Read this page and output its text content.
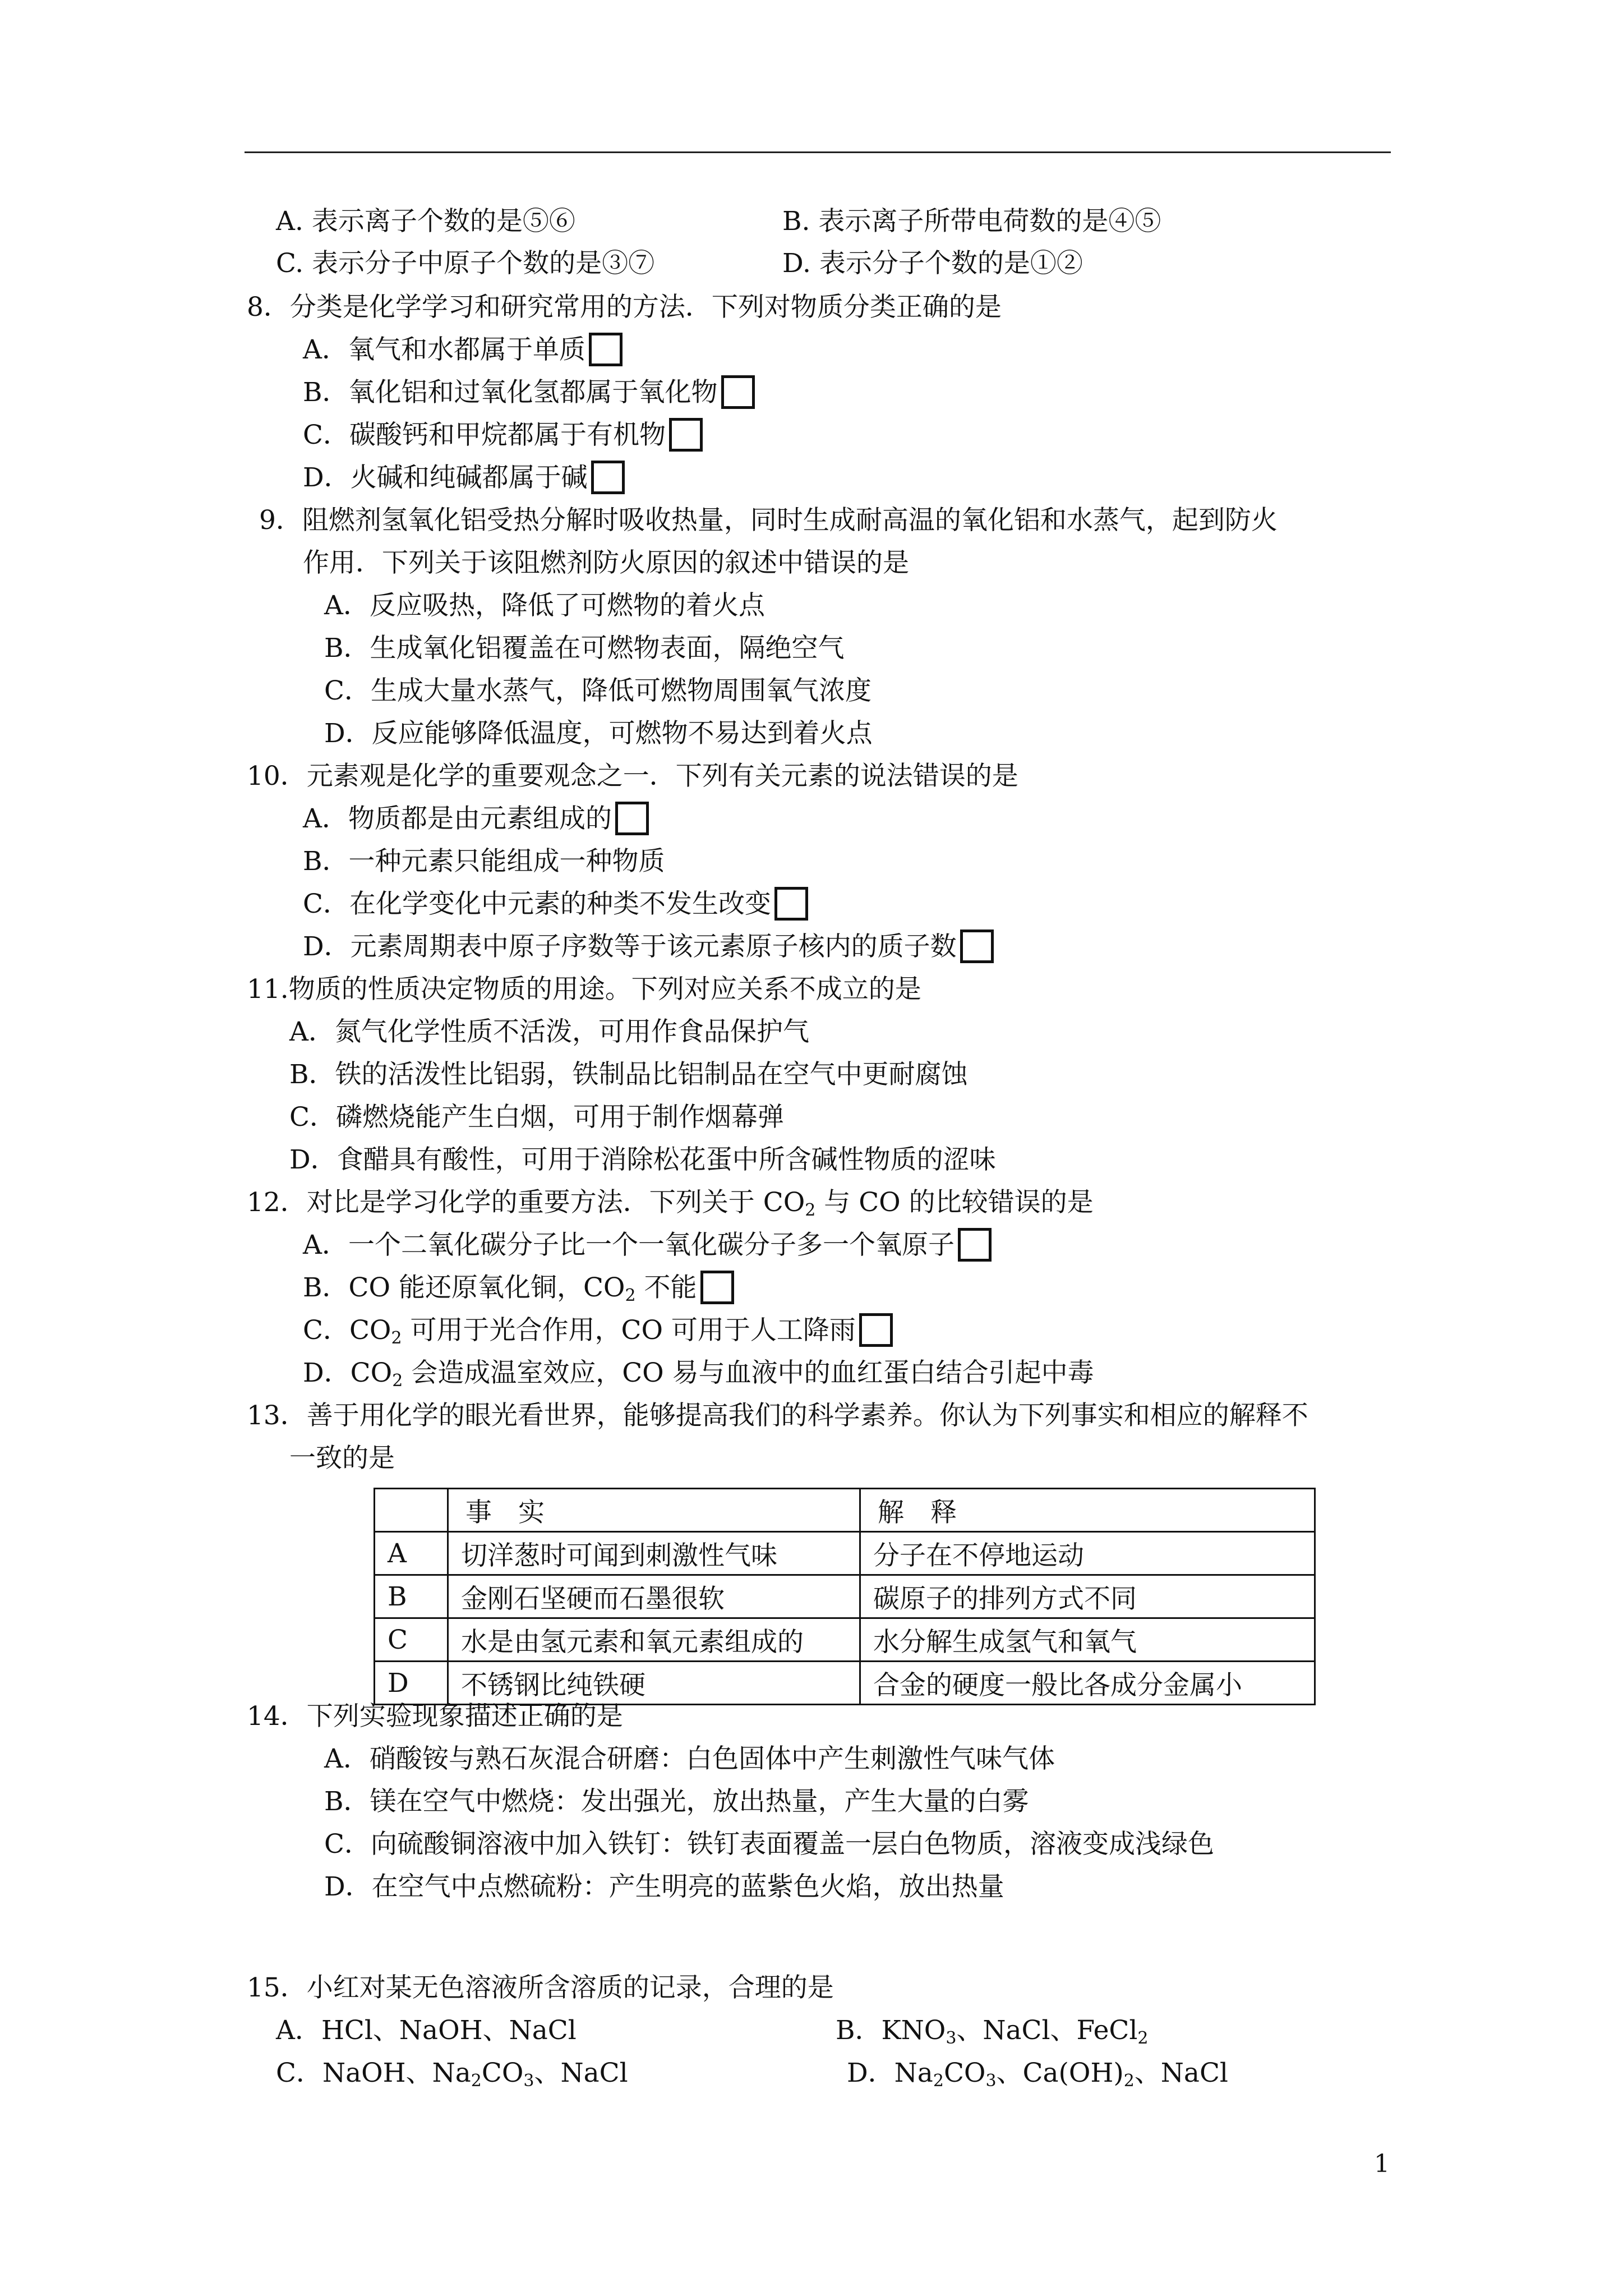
A. 表示离子个数的是⑤⑥	B. 表示离子所带电荷数的是④⑤
C. 表示分子中原子个数的是③⑦	D. 表示分子个数的是①②
8．分类是化学学习和研究常用的方法．下列对物质分类正确的是
A．氧气和水都属于单质
B．氧化铝和过氧化氢都属于氧化物
C．碳酸钙和甲烷都属于有机物
D．火碱和纯碱都属于碱
9．阻燃剂氢氧化铝受热分解时吸收热量，同时生成耐高温的氧化铝和水蒸气，起到防火
作用．下列关于该阻燃剂防火原因的叙述中错误的是
A．反应吸热，降低了可燃物的着火点
B．生成氧化铝覆盖在可燃物表面，隔绝空气
C．生成大量水蒸气，降低可燃物周围氧气浓度
D．反应能够降低温度，可燃物不易达到着火点
10．元素观是化学的重要观念之一．下列有关元素的说法错误的是
A．物质都是由元素组成的
B．一种元素只能组成一种物质
C．在化学变化中元素的种类不发生改变
D．元素周期表中原子序数等于该元素原子核内的质子数
11.物质的性质决定物质的用途。下列对应关系不成立的是
A．氮气化学性质不活泼，可用作食品保护气
B．铁的活泼性比铝弱，铁制品比铝制品在空气中更耐腐蚀
C．磷燃烧能产生白烟，可用于制作烟幕弹
D．食醋具有酸性，可用于消除松花蛋中所含碱性物质的涩味
12．对比是学习化学的重要方法．下列关于 $CO_2$ 与 CO 的比较错误的是
A．一个二氧化碳分子比一个一氧化碳分子多一个氧原子
B．CO 能还原氧化铜，$CO_2$ 不能
C．$CO_2$ 可用于光合作用，CO 可用于人工降雨
D．$CO_2$ 会造成温室效应，CO 易与血液中的血红蛋白结合引起中毒
13．善于用化学的眼光看世界，能够提高我们的科学素养。你认为下列事实和相应的解释不
一致的是
	事　实	解　释
A	切洋葱时可闻到刺激性气味	分子在不停地运动
B	金刚石坚硬而石墨很软	碳原子的排列方式不同
C	水是由氢元素和氧元素组成的	水分解生成氢气和氧气
D	不锈钢比纯铁硬	合金的硬度一般比各成分金属小
14．下列实验现象描述正确的是
A．硝酸铵与熟石灰混合研磨：白色固体中产生刺激性气味气体
B．镁在空气中燃烧：发出强光，放出热量，产生大量的白雾
C．向硫酸铜溶液中加入铁钉：铁钉表面覆盖一层白色物质，溶液变成浅绿色
D．在空气中点燃硫粉：产生明亮的蓝紫色火焰，放出热量
15．小红对某无色溶液所含溶质的记录，合理的是
A．HCl、NaOH、NaCl	B．$KNO_3$、NaCl、FeCl$_2$
C．NaOH、$Na_2CO_3$、NaCl	D．$Na_2CO_3$、$Ca(OH)_2$、NaCl
1
